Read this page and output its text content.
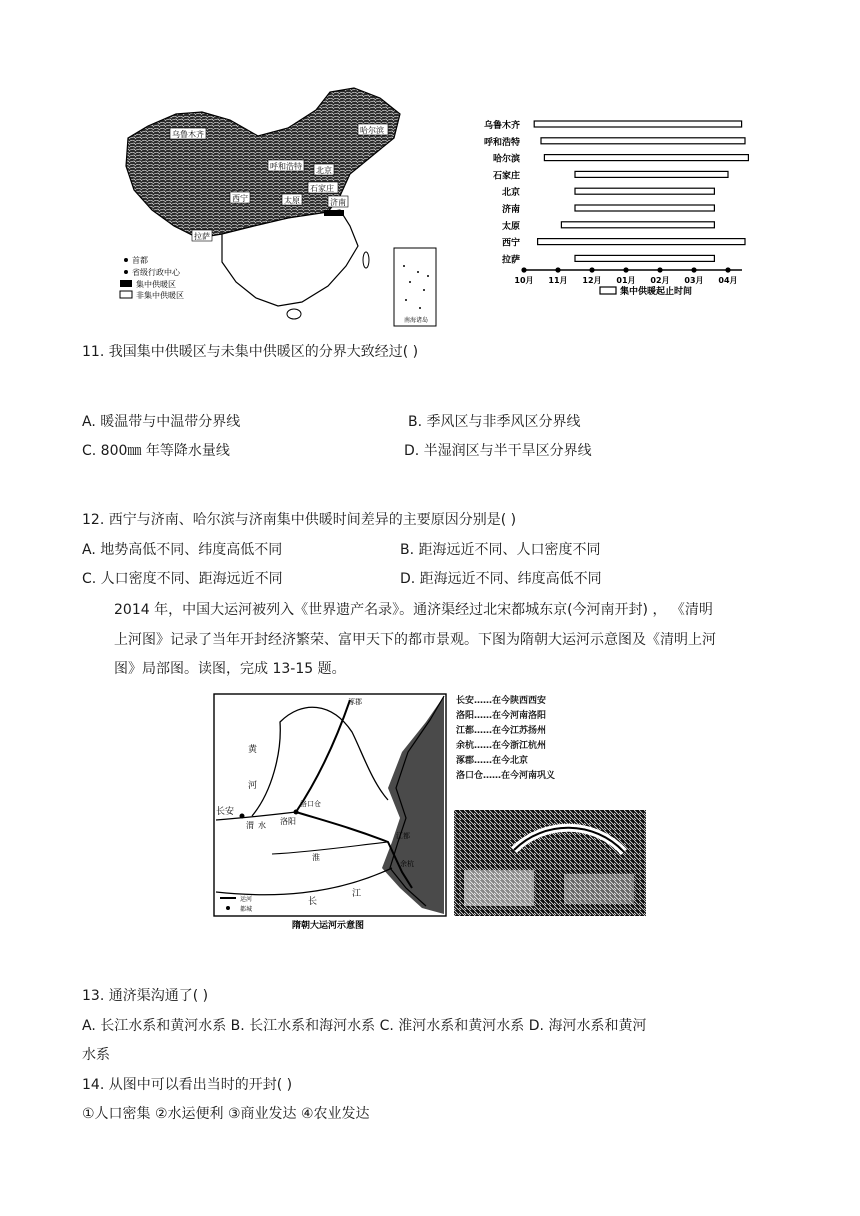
乌鲁木齐	哈尔滨
呼和浩特 北京
石家庄
济南
太原
西宁
拉萨
首都
省级行政中心
集中供暖区
非集中供暖区
南海诸岛
乌鲁木齐
呼和浩特
哈尔滨
石家庄
北京
济南
太原
西宁
拉萨
10月 11月 12月 01月 02月 03月 04月
集中供暖起止时间
11. 我国集中供暖区与未集中供暖区的分界大致经过( )
A. 暖温带与中温带分界线	B. 季风区与非季风区分界线
C. 800㎜ 年等降水量线	D. 半湿润区与半干旱区分界线
12. 西宁与济南、哈尔滨与济南集中供暖时间差异的主要原因分别是( )
A. 地势高低不同、纬度高低不同	B. 距海远近不同、人口密度不同
C. 人口密度不同、距海远近不同	D. 距海远近不同、纬度高低不同
2014 年，中国大运河被列入《世界遗产名录》。通济渠经过北宋都城东京(今河南开封) ， 《清明
上河图》记录了当年开封经济繁荣、富甲天下的都市景观。下图为隋朝大运河示意图及《清明上河
图》局部图。读图，完成 13-15 题。
长安
洛阳
洛口仓
涿郡
江都
余杭
黄
河
渭 水
淮
江
长
运河
都城
隋朝大运河示意图
长安……在今陕西西安
洛阳……在今河南洛阳
江都……在今江苏扬州
余杭……在今浙江杭州
涿郡……在今北京
洛口仓……在今河南巩义
13. 通济渠沟通了( )
A. 长江水系和黄河水系 B. 长江水系和海河水系 C. 淮河水系和黄河水系 D. 海河水系和黄河
水系
14. 从图中可以看出当时的开封( )
①人口密集 ②水运便利 ③商业发达 ④农业发达
